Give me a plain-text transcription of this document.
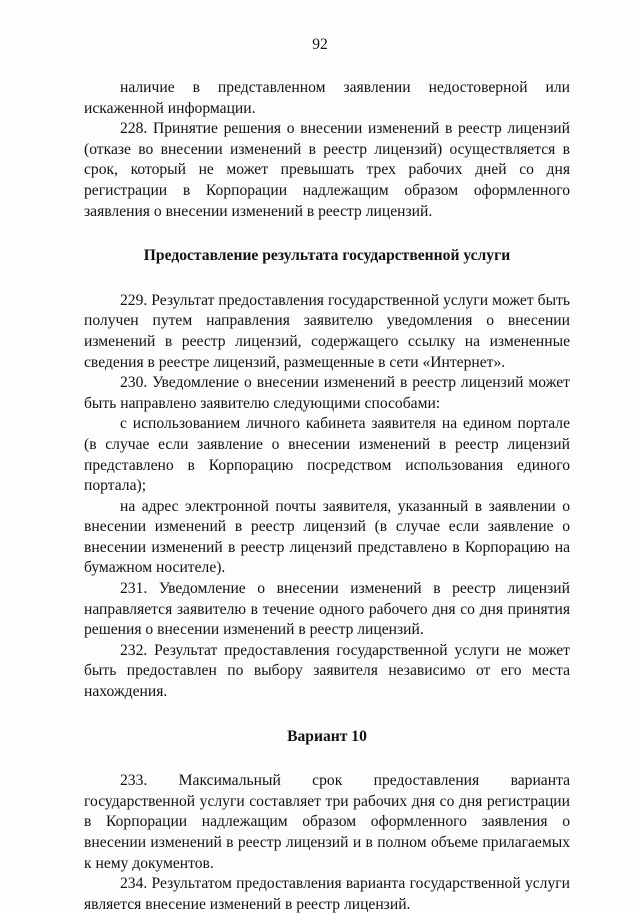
92

наличие в представленном заявлении недостоверной или искаженной информации.

228. Принятие решения о внесении изменений в реестр лицензий (отказе во внесении изменений в реестр лицензий) осуществляется в срок, который не может превышать трех рабочих дней со дня регистрации в Корпорации надлежащим образом оформленного заявления о внесении изменений в реестр лицензий.

Предоставление результата государственной услуги

229. Результат предоставления государственной услуги может быть получен путем направления заявителю уведомления о внесении изменений в реестр лицензий, содержащего ссылку на измененные сведения в реестре лицензий, размещенные в сети «Интернет».

230. Уведомление о внесении изменений в реестр лицензий может быть направлено заявителю следующими способами:

с использованием личного кабинета заявителя на едином портале (в случае если заявление о внесении изменений в реестр лицензий представлено в Корпорацию посредством использования единого портала);

на адрес электронной почты заявителя, указанный в заявлении о внесении изменений в реестр лицензий (в случае если заявление о внесении изменений в реестр лицензий представлено в Корпорацию на бумажном носителе).

231. Уведомление о внесении изменений в реестр лицензий направляется заявителю в течение одного рабочего дня со дня принятия решения о внесении изменений в реестр лицензий.

232. Результат предоставления государственной услуги не может быть предоставлен по выбору заявителя независимо от его места нахождения.

Вариант 10

233. Максимальный срок предоставления варианта государственной услуги составляет три рабочих дня со дня регистрации в Корпорации надлежащим образом оформленного заявления о внесении изменений в реестр лицензий и в полном объеме прилагаемых к нему документов.

234. Результатом предоставления варианта государственной услуги является внесение изменений в реестр лицензий.
